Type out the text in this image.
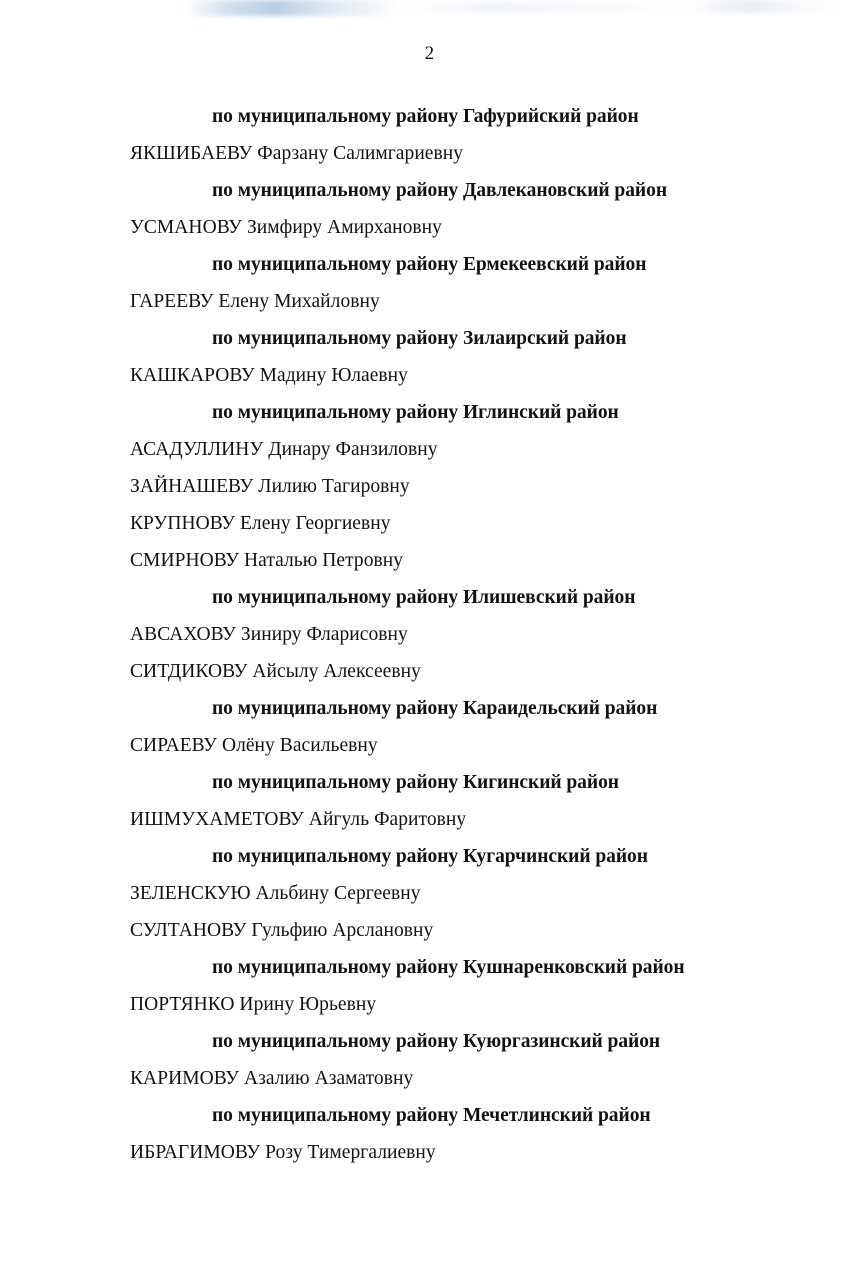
2
по муниципальному району Гафурийский район
ЯКШИБАЕВУ Фарзану Салимгариевну
по муниципальному району Давлекановский район
УСМАНОВУ Зимфиру Амирхановну
по муниципальному району Ермекеевский район
ГАРЕЕВУ Елену Михайловну
по муниципальному району Зилаирский район
КАШКАРОВУ Мадину Юлаевну
по муниципальному району Иглинский район
АСАДУЛЛИНУ Динару Фанзиловну
ЗАЙНАШЕВУ Лилию Тагировну
КРУПНОВУ Елену Георгиевну
СМИРНОВУ Наталью Петровну
по муниципальному району Илишевский район
АВСАХОВУ Зиниру Фларисовну
СИТДИКОВУ Айсылу Алексеевну
по муниципальному району Караидельский район
СИРАЕВУ Олёну Васильевну
по муниципальному району Кигинский район
ИШМУХАМЕТОВУ Айгуль Фаритовну
по муниципальному району Кугарчинский район
ЗЕЛЕНСКУЮ Альбину Сергеевну
СУЛТАНОВУ Гульфию Арслановну
по муниципальному району Кушнаренковский район
ПОРТЯНКО Ирину Юрьевну
по муниципальному району Куюргазинский район
КАРИМОВУ Азалию Азаматовну
по муниципальному району Мечетлинский район
ИБРАГИМОВУ Розу Тимергалиевну
